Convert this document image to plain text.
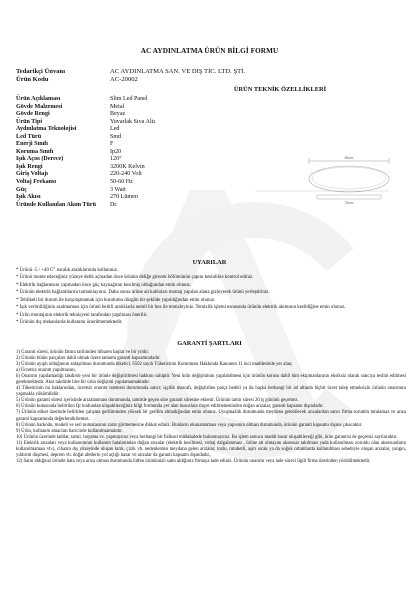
AC AYDINLATMA ÜRÜN BİLGİ FORMU
Tedarikçi Ünvanı	AC AYDINLATMA SAN. VE DIŞ TİC. LTD. ŞTİ.
Ürün Kodu	AC-20002
ÜRÜN TEKNİK ÖZELLİKLERİ
Ürün Açıklaması	Slim Led Panel
Gövde Malzemesi	Metal
Gövde Rengi	Beyaz
Ürün Tipi	Yuvarlak Sıva Altı
Aydınlatma Teknolojisi	Led
Led Türü	Smd
Enerji Sınıfı	F
Koruma Sınıfı	Ip20
Işık Açısı (Derece)	120°
Işık Rengi	3200K Kelvin
Giriş Voltajı	220-240 Volt
Voltaj Frekansı	50-60 Hz
Güç	3 Watt
Işık Akısı	270 Lümen
Üründe Kullanılan Akım Türü	Dc
85mm
75mm
UYARILAR

* Ürünü -5 / +40 C° ısıralık aralıklarında kullanınız.

* Ürünü monte edeceğiniz yüzeye delik açmadan önce ürünün deliğe girecek bölümünün çapını kesinlikle kontrol ediniz.

* Elektrik bağlantısını yapmadan önce güç kaynağının kesilmiş olduğundan emin olunuz.

* Ürünün elektrik bağlantılarını tamamlayınız. Daha sonra ürüne ait kabloları montaj yapılan alana gizleyerek ürünü yerleştiriniz.

* Tehlikeli bir durum ile karşılaşmamak için kurulumu düzgün bir şekilde yapıldığından emin olunuz.

* Işık verimliliğinin azalmaması için ürünü belirli aralıklarla nemli bir bez ile temizleyiniz. Temizlik işlemi esnasında ürünün elektrik akımının kesildiğine emin olunuz.

* Ürün montajının elektrik teknisyeni tarafından yapılması önerilir.

* Ürünün dış mekanlarda kullanımı önerilmemektedir.

GARANTİ ŞARTLARI

1) Garanti süresi, ürünün fatura tarihinden itibaren başlar ve bir yıldır.

2) Ürünün bütün parçaları dahil olmak üzere tamamı garanti kapsamındadır.

3) Ürünün ayıplı olduğunun anlaşılması durumunda tüketici, 6502 sayılı Tüketicinin Korunması Hakkında Kanunun 11 inci maddesinde yer alan;

a) Ücretsiz onarım yapılmasını,

b) Onarımı yapılamadığı takdirde yeni bir ürünle değiştirilmesi hakkını sahiptir. Yeni ürün değişiminin yapılabilmesi için ürünün kutusu dahil tüm ekipmanlarının eksiksiz olarak satıcıya teslim edilmesi gerekmektedir. Aksi takdirde bire bir ürün değişimi yapılamamaktadır.

4) Tüketicinin bu haklarından, ücretsiz onarım istemesi durumunda satıcı; işçilik masrafı, değiştirilen parça bedeli ya da başka herhangi bir ad altında hiçbir ücret talep etmeksizin ürünün onarımını yapmakla yükümlüdür.

5) Ürünün garanti süresi içerisinde arızalanması durumunda, tamirde geçen süre garanti süresine eklenir. Ürünün tamir süresi 20 iş gününü geçemez.

6) Ürünün kutusunda belirtilen Qr kodundan ulaşabileceğiniz bilgi formunda yer alan hususlara riayet edilmemesinden doğan arızalar, garanti kapsamı dışındadır.

7) Ürünün etiket üzerinde belirtilen çalışma geriliminden yüksek bir gerilim almadığından emin olunuz. Uyuşmazlık durumunda meydana gelebilecek arızalardan satıcı firma sorumlu tutulamaz ve arıza garanti kapsamında değerlendirilemez.

8) Ürünün barkodu, modeli ve seri numarasının zarar görmemesine dikkat ediniz. Bunların okunamaması veya yapısının olması durumunda, ürünün garanti kapsamı dışına çıkacaktır.

9) Ürün, kullanım amacları haricinde kullanılmamalıdır.

10) Ürünün üzerinde tadilat, tamir, boyama vs. yapmayınız veya herhangi bir fiziksel müdahalede bulunmayınız. Bu işlem sonucu maddi hasar oluşabileceği gibi, ürün garantisi de geçersiz sayılacaktır.

11) Elektrik arızaları veya kullanımının kullanım hatalarından doğan arızalar (elektrik kesilmesi, voltaj dalgalanması , ürüne ait olmayan aksesuar takılması yada kullanılması zorunlu olan aksesuarların kullanılmaması vb.), cihazın dış yüzeyinde oluşan kırık, çizik vb. nedenlerden meydana gelen arızalar, tozlu, rutubetli, aşırı sıcak ya da soğuk ortamlarda kullanılması sebebiyle oluşan arızalar, yangın, yıldırım düşmesi, deprem vb. doğal afetlerin yol açtığı hasar ve arızalar da garanti kapsamı dışındadır.,

12) Satın aldığınız üründe hata veya arıza olması durumunda lütfen ürününüzü satın aldığınız firmaya iade ediniz. Ürünün onarımı veya iade süreci ilgili firma üzerinden yürütülmektedir.
